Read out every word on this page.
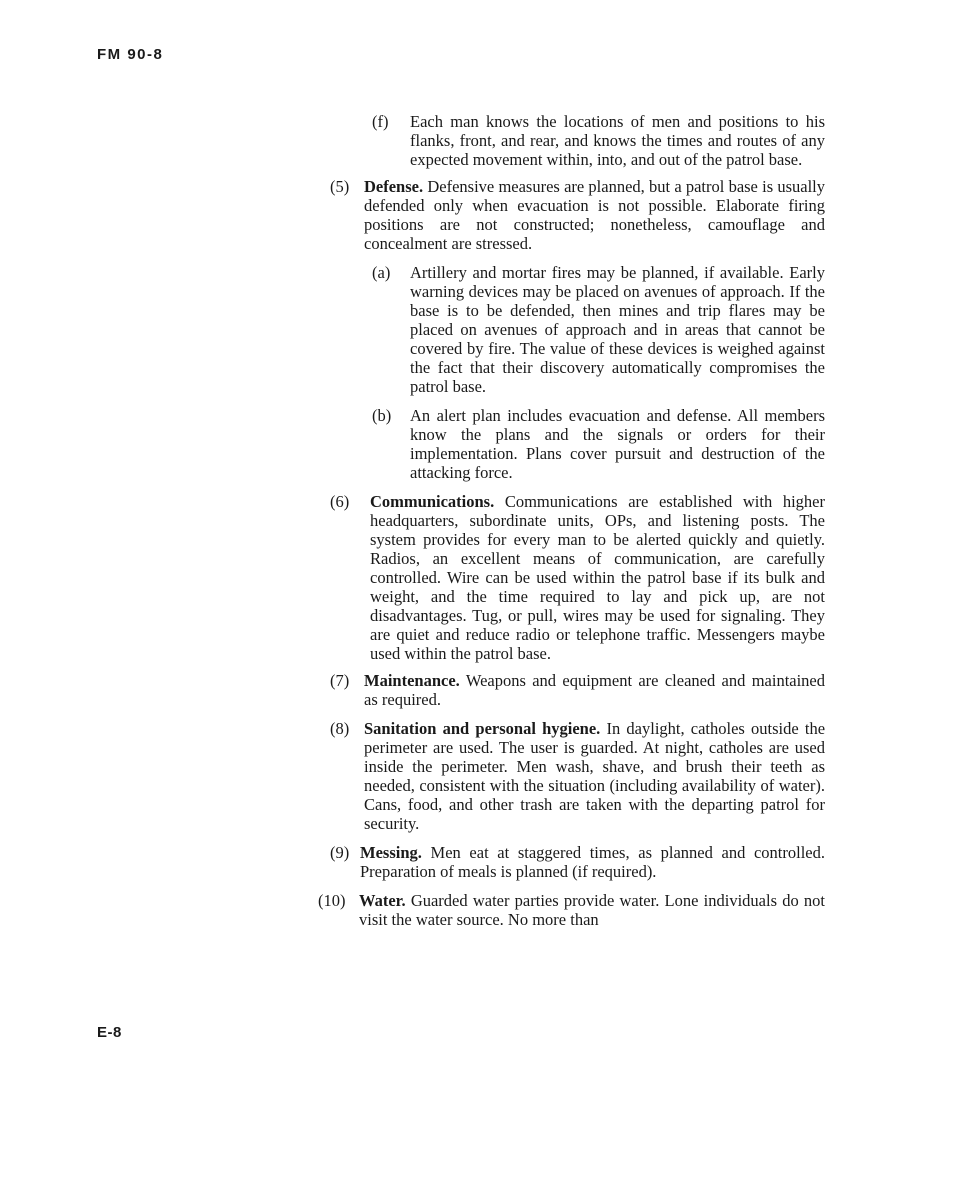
FM 90-8
(f) Each man knows the locations of men and positions to his flanks, front, and rear, and knows the times and routes of any expected movement within, into, and out of the patrol base.
(5) Defense. Defensive measures are planned, but a patrol base is usually defended only when evacuation is not possible. Elaborate firing positions are not constructed; nonetheless, camouflage and concealment are stressed.
(a) Artillery and mortar fires may be planned, if available. Early warning devices may be placed on avenues of approach. If the base is to be defended, then mines and trip flares may be placed on avenues of approach and in areas that cannot be covered by fire. The value of these devices is weighed against the fact that their discovery automatically compromises the patrol base.
(b) An alert plan includes evacuation and defense. All members know the plans and the signals or orders for their implementation. Plans cover pursuit and destruction of the attacking force.
(6) Communications. Communications are established with higher headquarters, subordinate units, OPs, and listening posts. The system provides for every man to be alerted quickly and quietly. Radios, an excellent means of communication, are carefully controlled. Wire can be used within the patrol base if its bulk and weight, and the time required to lay and pick up, are not disadvantages. Tug, or pull, wires may be used for signaling. They are quiet and reduce radio or telephone traffic. Messengers maybe used within the patrol base.
(7) Maintenance. Weapons and equipment are cleaned and maintained as required.
(8) Sanitation and personal hygiene. In daylight, catholes outside the perimeter are used. The user is guarded. At night, catholes are used inside the perimeter. Men wash, shave, and brush their teeth as needed, consistent with the situation (including availability of water). Cans, food, and other trash are taken with the departing patrol for security.
(9) Messing. Men eat at staggered times, as planned and controlled. Preparation of meals is planned (if required).
(10) Water. Guarded water parties provide water. Lone individuals do not visit the water source. No more than
E-8
